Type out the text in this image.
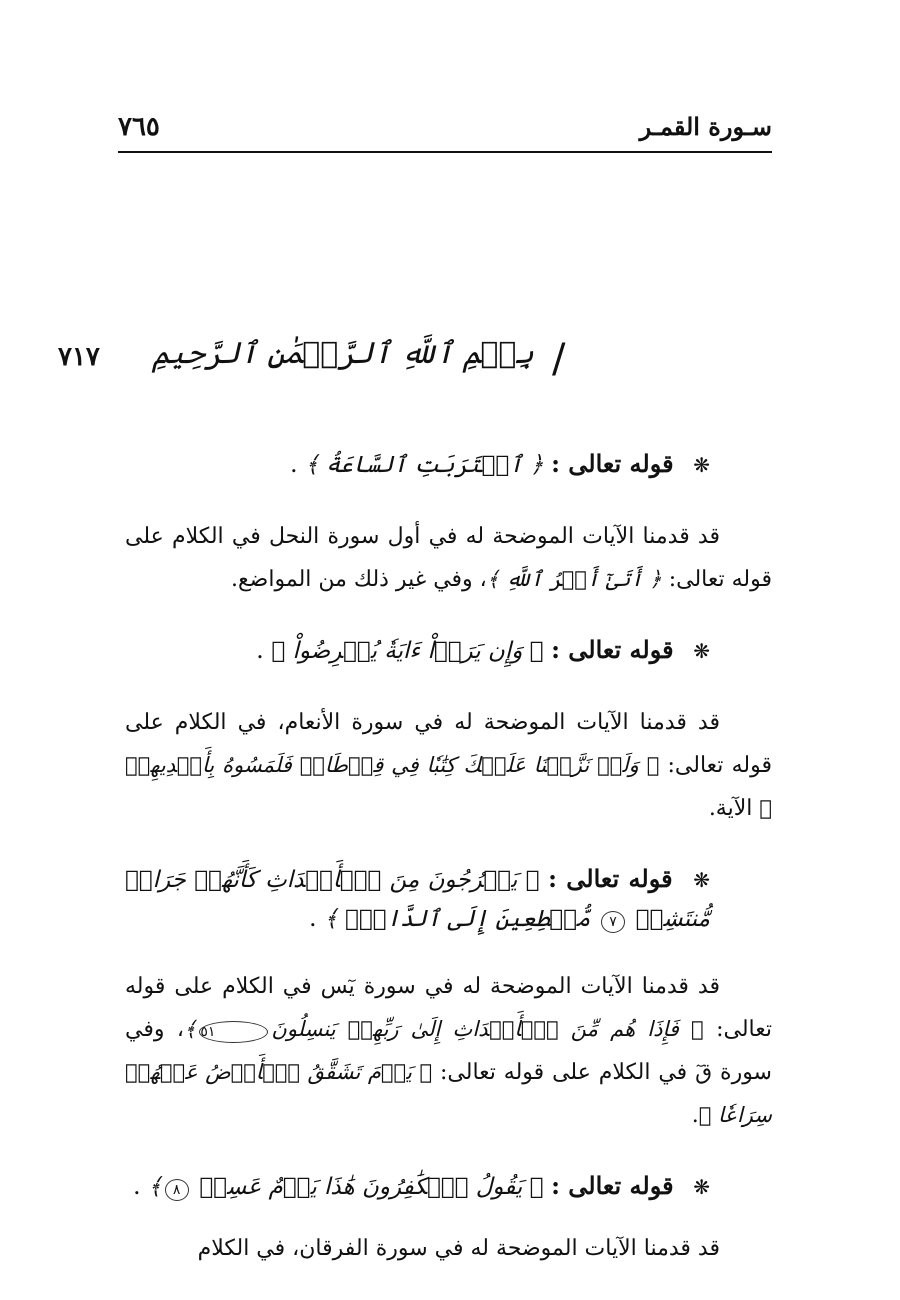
٧٦٥	سـورة القمـر
٧١٧	/
بِسۡمِ ٱللَّهِ ٱلرَّحۡمَٰنِ ٱلرَّحِيمِ
❋ قوله تعالى : ﴿ ٱقۡتَرَبَتِ ٱلسَّاعَةُ ﴾ .

قد قدمنا الآيات الموضحة له في أول سورة النحل في الكلام على قوله تعالى: ﴿ أَتَىٰٓ أَمۡرُ ٱللَّهِ ﴾، وفي غير ذلك من المواضع.

❋ قوله تعالى : ﴿ وَإِن يَرَوۡاْ ءَايَةٗ يُعۡرِضُواْ ﴾ .

قد قدمنا الآيات الموضحة له في سورة الأنعام، في الكلام على قوله تعالى: ﴿ وَلَوۡ نَزَّلۡنَا عَلَيۡكَ كِتَٰبٗا فِي قِرۡطَاسٖ فَلَمَسُوهُ بِأَيۡدِيهِمۡ ﴾ الآية.

❋ قوله تعالى : ﴿ يَخۡرُجُونَ مِنَ ٱلۡأَجۡدَاثِ كَأَنَّهُمۡ جَرَادٞ مُّنتَشِرٞ ٧ مُّهۡطِعِينَ إِلَى ٱلدَّاعِۖ ﴾ .

قد قدمنا الآيات الموضحة له في سورة يٓس في الكلام على قوله تعالى: ﴿ فَإِذَا هُم مِّنَ ٱلۡأَجۡدَاثِ إِلَىٰ رَبِّهِمۡ يَنسِلُونَ٥١﴾، وفي سورة قٓ في الكلام على قوله تعالى: ﴿ يَوۡمَ تَشَقَّقُ ٱلۡأَرۡضُ عَنۡهُمۡ سِرَاعٗا ﴾.

❋ قوله تعالى : ﴿ يَقُولُ ٱلۡكَٰفِرُونَ هَٰذَا يَوۡمٌ عَسِرٞ ٨﴾ .

قد قدمنا الآيات الموضحة له في سورة الفرقان، في الكلام
